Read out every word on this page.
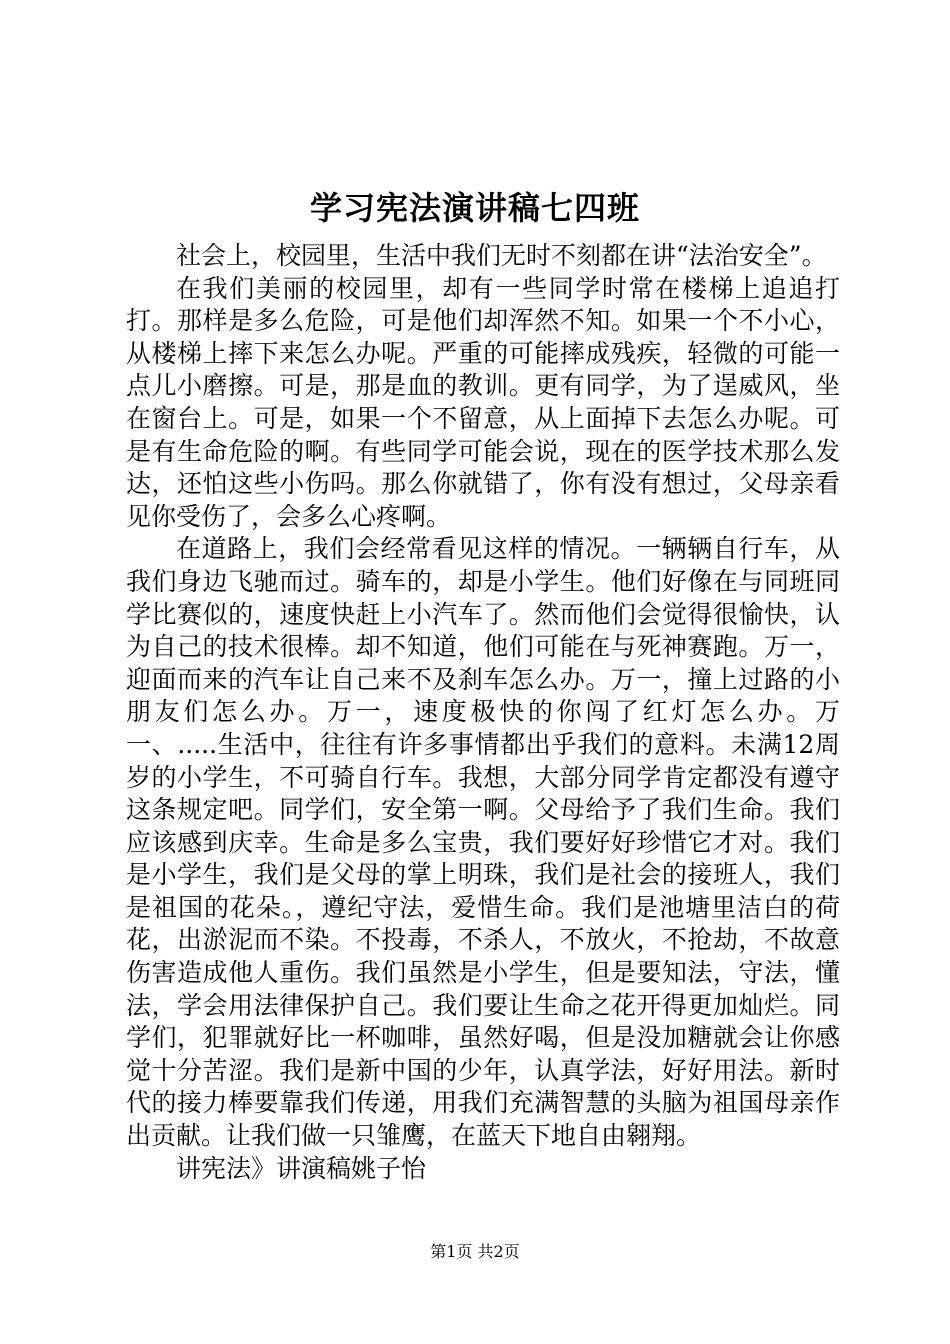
学习宪法演讲稿七四班

社会上，校园里，生活中我们无时不刻都在讲“法治安全”。

在我们美丽的校园里，却有一些同学时常在楼梯上追追打打。那样是多么危险，可是他们却浑然不知。如果一个不小心，从楼梯上摔下来怎么办呢。严重的可能摔成残疾，轻微的可能一点儿小磨擦。可是，那是血的教训。更有同学，为了逞威风，坐在窗台上。可是，如果一个不留意，从上面掉下去怎么办呢。可是有生命危险的啊。有些同学可能会说，现在的医学技术那么发达，还怕这些小伤吗。那么你就错了，你有没有想过，父母亲看见你受伤了，会多么心疼啊。

在道路上，我们会经常看见这样的情况。一辆辆自行车，从我们身边飞驰而过。骑车的，却是小学生。他们好像在与同班同学比赛似的，速度快赶上小汽车了。然而他们会觉得很愉快，认为自己的技术很棒。却不知道，他们可能在与死神赛跑。万一，迎面而来的汽车让自己来不及刹车怎么办。万一，撞上过路的小朋友们怎么办。万一，速度极快的你闯了红灯怎么办。万一、.....生活中，往往有许多事情都出乎我们的意料。未满12周岁的小学生，不可骑自行车。我想，大部分同学肯定都没有遵守这条规定吧。同学们，安全第一啊。父母给予了我们生命。我们应该感到庆幸。生命是多么宝贵，我们要好好珍惜它才对。我们是小学生，我们是父母的掌上明珠，我们是社会的接班人，我们是祖国的花朵。，遵纪守法，爱惜生命。我们是池塘里洁白的荷花，出淤泥而不染。不投毒，不杀人，不放火，不抢劫，不故意伤害造成他人重伤。我们虽然是小学生，但是要知法，守法，懂法，学会用法律保护自己。我们要让生命之花开得更加灿烂。同学们，犯罪就好比一杯咖啡，虽然好喝，但是没加糖就会让你感觉十分苦涩。我们是新中国的少年，认真学法，好好用法。新时代的接力棒要靠我们传递，用我们充满智慧的头脑为祖国母亲作出贡献。让我们做一只雏鹰，在蓝天下地自由翱翔。

讲宪法》讲演稿姚子怡

第1页 共2页
